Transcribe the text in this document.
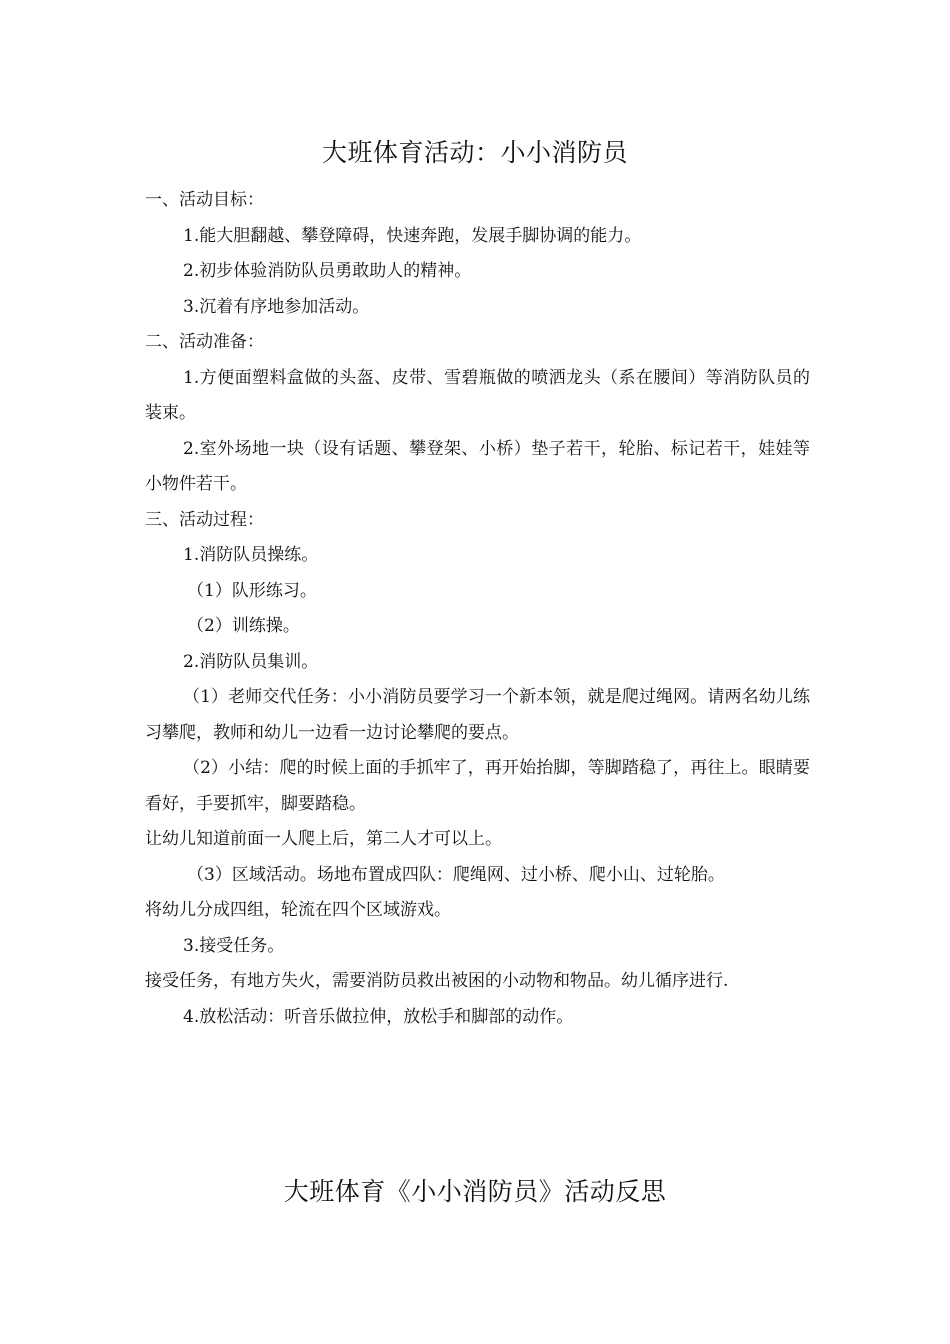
大班体育活动：小小消防员

一、活动目标：

1.能大胆翻越、攀登障碍，快速奔跑，发展手脚协调的能力。

2.初步体验消防队员勇敢助人的精神。

3.沉着有序地参加活动。

二、活动准备：

1.方便面塑料盒做的头盔、皮带、雪碧瓶做的喷洒龙头（系在腰间）等消防队员的装束。

2.室外场地一块（设有话题、攀登架、小桥）垫子若干，轮胎、标记若干，娃娃等小物件若干。

三、活动过程：

1.消防队员操练。

（1）队形练习。

（2）训练操。

2.消防队员集训。

（1）老师交代任务：小小消防员要学习一个新本领，就是爬过绳网。请两名幼儿练习攀爬，教师和幼儿一边看一边讨论攀爬的要点。

（2）小结：爬的时候上面的手抓牢了，再开始抬脚，等脚踏稳了，再往上。眼睛要看好，手要抓牢，脚要踏稳。

让幼儿知道前面一人爬上后，第二人才可以上。

（3）区域活动。场地布置成四队：爬绳网、过小桥、爬小山、过轮胎。

将幼儿分成四组，轮流在四个区域游戏。

3.接受任务。

接受任务，有地方失火，需要消防员救出被困的小动物和物品。幼儿循序进行.

4.放松活动：听音乐做拉伸，放松手和脚部的动作。

大班体育《小小消防员》活动反思
